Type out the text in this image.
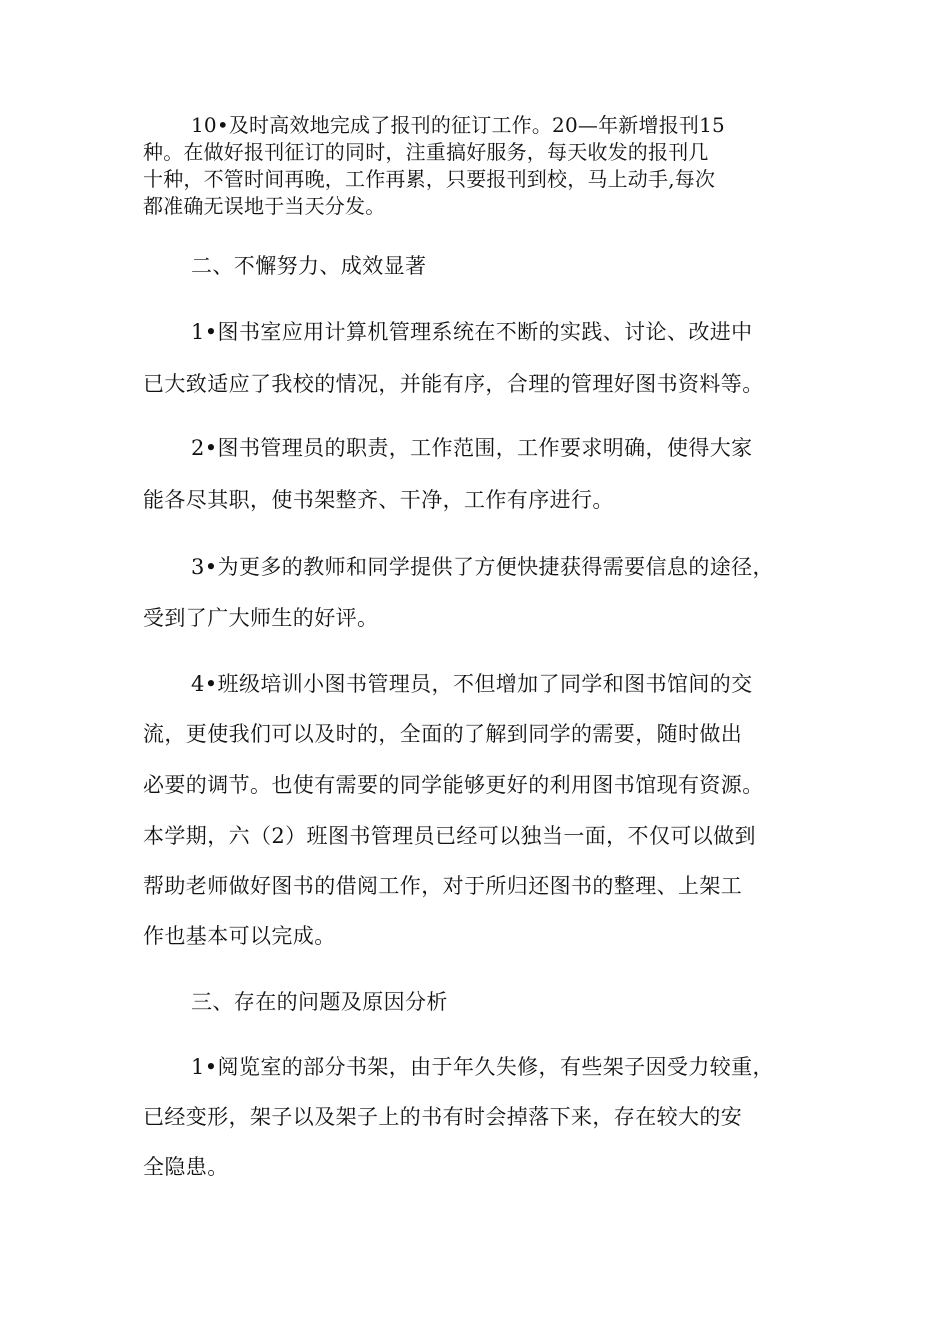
10•及时高效地完成了报刊的征订工作。20—年新增报刊15
种。在做好报刊征订的同时，注重搞好服务，每天收发的报刊几
十种，不管时间再晚，工作再累，只要报刊到校，马上动手,每次
都准确无误地于当天分发。
二、不懈努力、成效显著
1•图书室应用计算机管理系统在不断的实践、讨论、改进中
已大致适应了我校的情况，并能有序，合理的管理好图书资料等。
2•图书管理员的职责，工作范围，工作要求明确，使得大家
能各尽其职，使书架整齐、干净，工作有序进行。
3•为更多的教师和同学提供了方便快捷获得需要信息的途径，
受到了广大师生的好评。
4•班级培训小图书管理员，不但增加了同学和图书馆间的交
流，更使我们可以及时的，全面的了解到同学的需要，随时做出
必要的调节。也使有需要的同学能够更好的利用图书馆现有资源。
本学期，六（2）班图书管理员已经可以独当一面，不仅可以做到
帮助老师做好图书的借阅工作，对于所归还图书的整理、上架工
作也基本可以完成。
三、存在的问题及原因分析
1•阅览室的部分书架，由于年久失修，有些架子因受力较重，
已经变形，架子以及架子上的书有时会掉落下来，存在较大的安
全隐患。
